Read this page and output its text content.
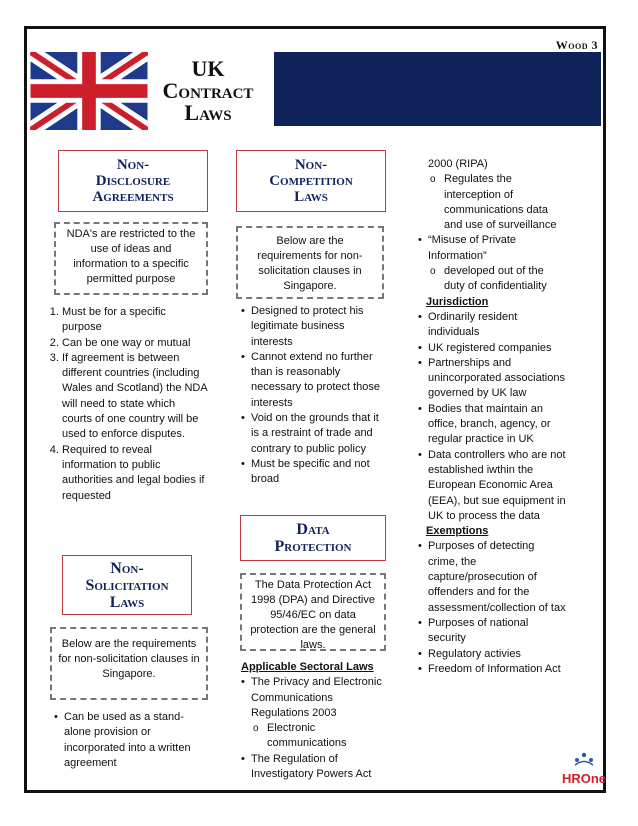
Wood 3
UK
Contract
Laws
Non-
Disclosure
Agreements
NDA's are restricted to the use of ideas and information to a specific permitted purpose
1. Must be for a specific purpose
2. Can be one way or mutual
3. If agreement is between different countries (including Wales and Scotland) the NDA will need to state which courts of one country will be used to enforce disputes.
4. Required to reveal information to public authorities and legal bodies if requested
Non-
Solicitation
Laws
Below are the requirements for non-solicitation clauses in Singapore.
• Can be used as a stand-alone provision or incorporated into a written agreement
Non-
Competition
Laws
Below are the requirements for non-solicitation clauses in Singapore.
• Designed to protect his legitimate business interests
• Cannot extend no further than is reasonably necessary to protect those interests
• Void on the grounds that it is a restraint of trade and contrary to public policy
• Must be specific and not broad
Data
Protection
The Data Protection Act 1998 (DPA) and Directive 95/46/EC on data protection are the general laws.
Applicable Sectoral Laws
• The Privacy and Electronic Communications Regulations 2003
o Electronic communications
• The Regulation of Investigatory Powers Act
2000 (RIPA)
o Regulates the interception of communications data and use of surveillance
• “Misuse of Private Information”
o developed out of the duty of confidentiality
Jurisdiction
• Ordinarily resident individuals
• UK registered companies
• Partnerships and unincorporated associations governed by UK law
• Bodies that maintain an office, branch, agency, or regular practice in UK
• Data controllers who are not established iwthin the European Economic Area (EEA), but sue equipment in UK to process the data
Exemptions
• Purposes of detecting crime, the capture/prosecution of offenders and for the assessment/collection of tax
• Purposes of national security
• Regulatory activies
• Freedom of Information Act
HROne
